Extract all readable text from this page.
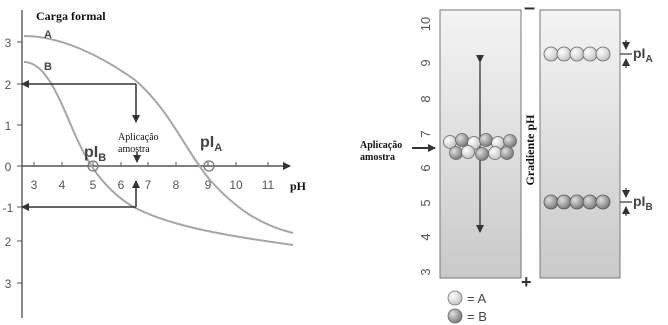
3
2
1
0
-1
2
3
3 4 5 6 7 8 9 10 11
Carga formal
pH
A
B
$pI_B$
$pI_A$
Aplicação
amostra
10
9
8
7
6
5
4
3
Gradiente pH
–
+
Aplicação
amostra
$pI_A$
$pI_B$
= A
= B
